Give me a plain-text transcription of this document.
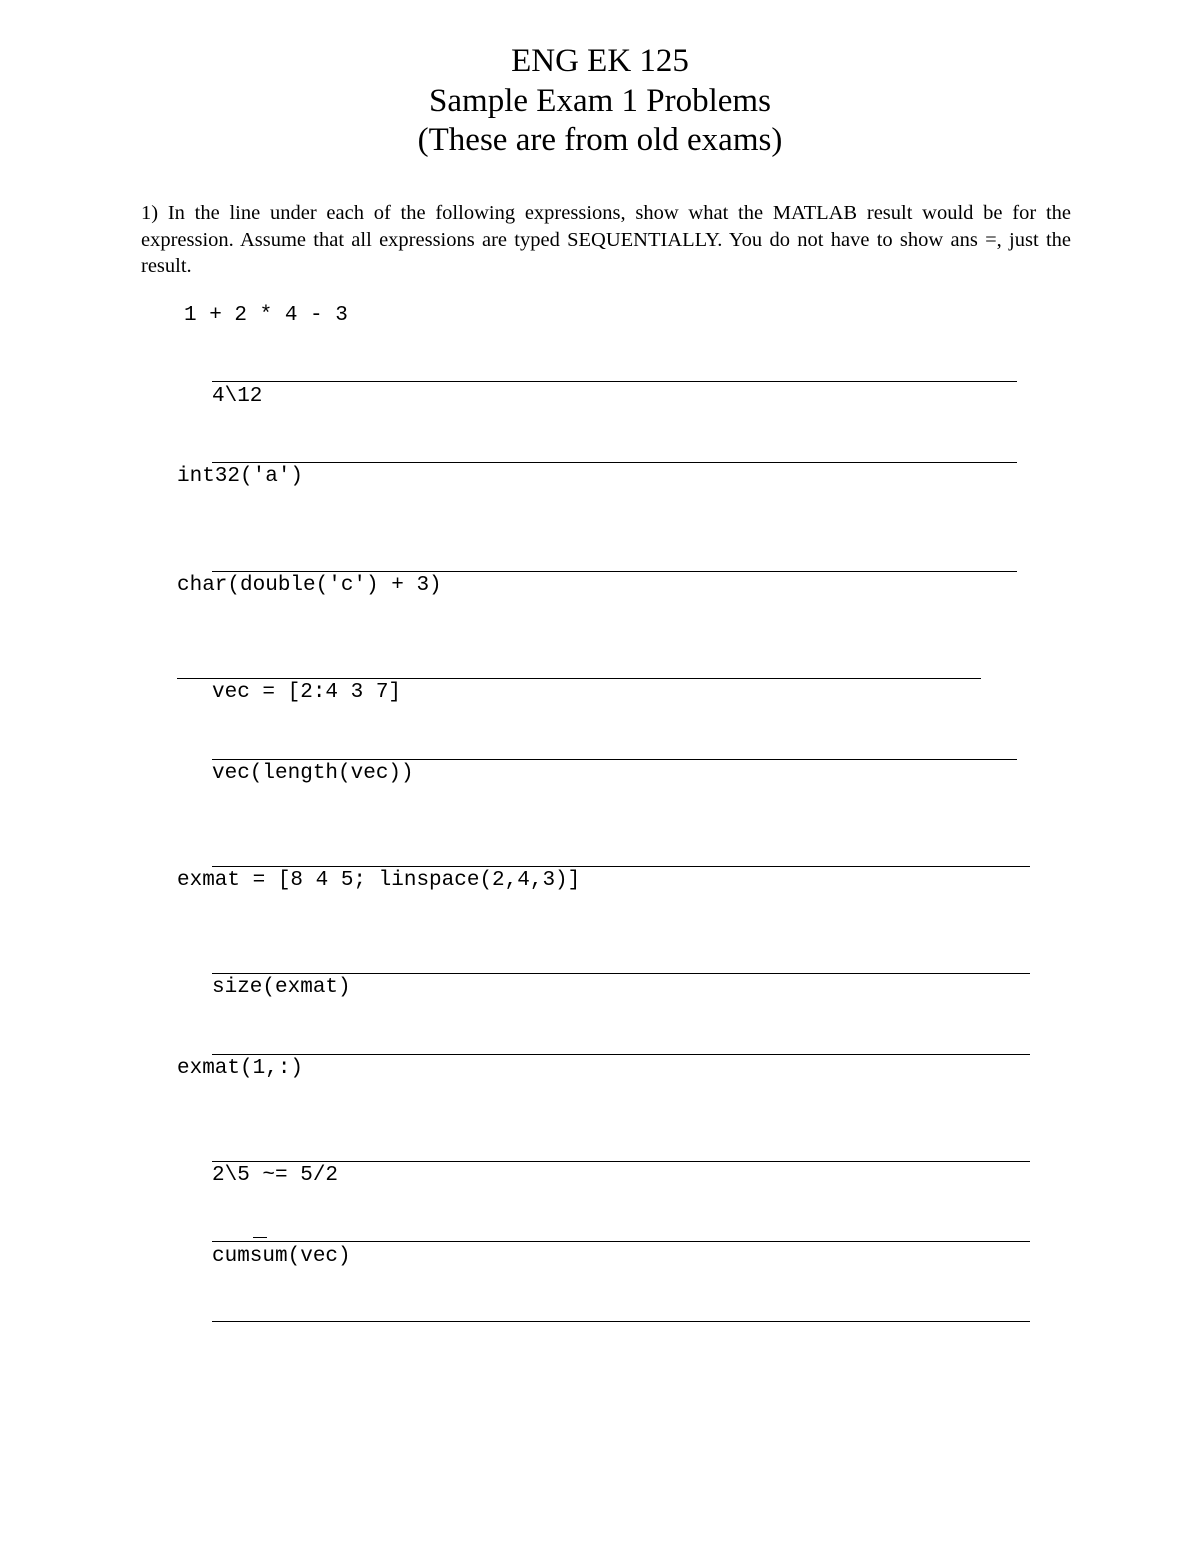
ENG EK 125
Sample Exam 1 Problems
(These are from old exams)
1) In the line under each of the following expressions, show what the MATLAB result would be for the expression. Assume that all expressions are typed SEQUENTIALLY. You do not have to show ans =, just the result.
1 + 2 * 4 - 3
4\12
int32('a')
char(double('c') + 3)
vec = [2:4 3 7]
vec(length(vec))
exmat = [8 4 5; linspace(2,4,3)]
size(exmat)
exmat(1,:)
2\5 ~= 5/2
cumsum(vec)
